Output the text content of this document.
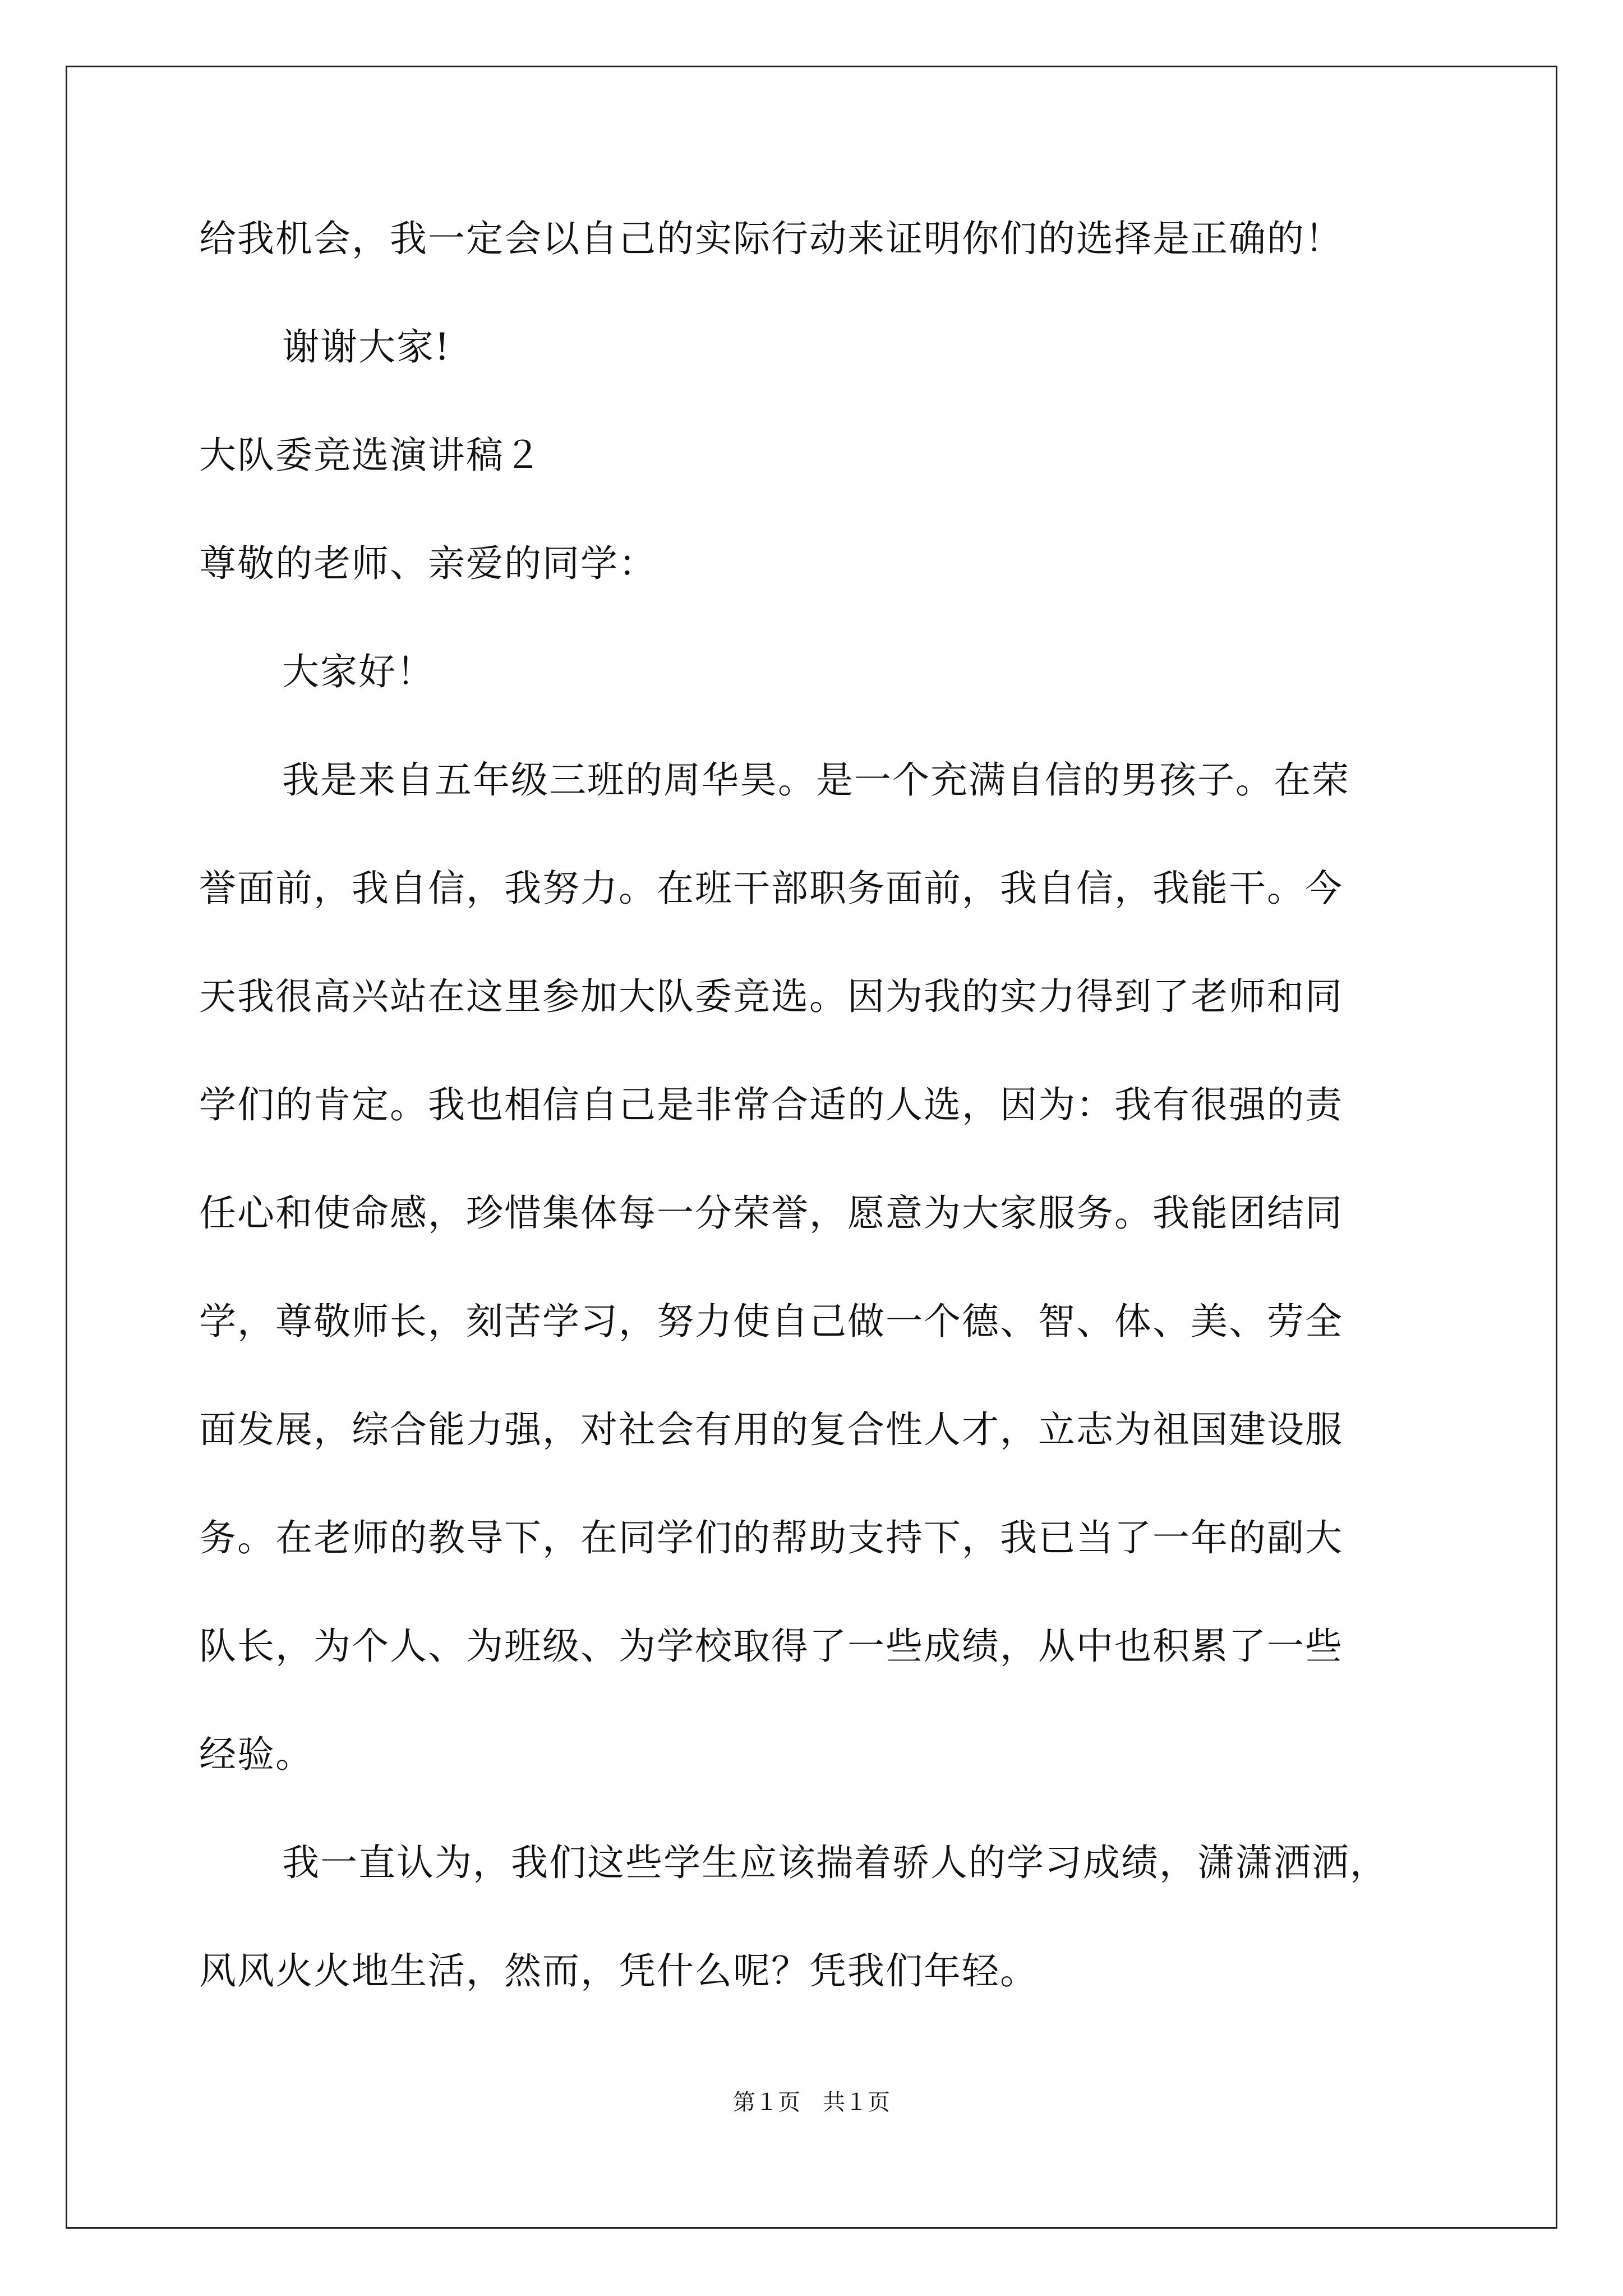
给我机会，我一定会以自己的实际行动来证明你们的选择是正确的！
谢谢大家!
大队委竞选演讲稿２
尊敬的老师、亲爱的同学：
大家好！
我是来自五年级三班的周华昊。是一个充满自信的男孩子。在荣
誉面前，我自信，我努力。在班干部职务面前，我自信，我能干。今
天我很高兴站在这里参加大队委竞选。因为我的实力得到了老师和同
学们的肯定。我也相信自己是非常合适的人选，因为：我有很强的责
任心和使命感，珍惜集体每一分荣誉，愿意为大家服务。我能团结同
学，尊敬师长，刻苦学习，努力使自己做一个德、智、体、美、劳全
面发展，综合能力强，对社会有用的复合性人才，立志为祖国建设服
务。在老师的教导下，在同学们的帮助支持下，我已当了一年的副大
队长，为个人、为班级、为学校取得了一些成绩，从中也积累了一些
经验。
我一直认为，我们这些学生应该揣着骄人的学习成绩，潇潇洒洒，
风风火火地生活，然而，凭什么呢？凭我们年轻。
第１页　共１页
